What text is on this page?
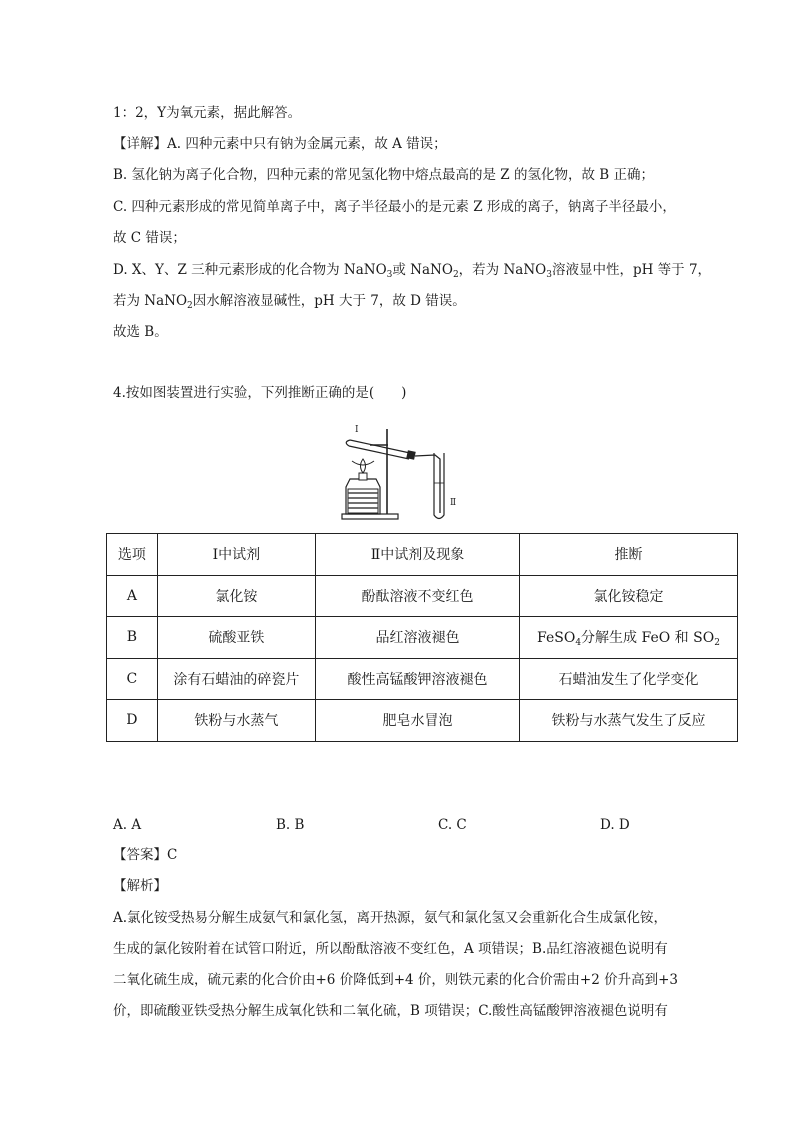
1：2，Y为氧元素，据此解答。
【详解】A. 四种元素中只有钠为金属元素，故 A 错误；
B. 氢化钠为离子化合物，四种元素的常见氢化物中熔点最高的是 Z 的氢化物，故 B 正确；
C. 四种元素形成的常见简单离子中，离子半径最小的是元素 Z 形成的离子，钠离子半径最小，
故 C 错误；
D. X、Y、Z 三种元素形成的化合物为 NaNO$_3$或 NaNO$_2$，若为 NaNO$_3$溶液显中性，pH 等于 7，
若为 NaNO$_2$因水解溶液显碱性，pH 大于 7，故 D 错误。
故选 B。
4.按如图装置进行实验，下列推断正确的是(　　)
Ⅰ
Ⅱ
选项	Ⅰ中试剂	Ⅱ中试剂及现象	推断
A	氯化铵	酚酞溶液不变红色	氯化铵稳定
B	硫酸亚铁	品红溶液褪色	FeSO$_4$分解生成 FeO 和 $SO_2$
C	涂有石蜡油的碎瓷片	酸性高锰酸钾溶液褪色	石蜡油发生了化学变化
D	铁粉与水蒸气	肥皂水冒泡	铁粉与水蒸气发生了反应
A. A	B. B	C. C	D. D
【答案】C
【解析】
A.氯化铵受热易分解生成氨气和氯化氢，离开热源，氨气和氯化氢又会重新化合生成氯化铵，
生成的氯化铵附着在试管口附近，所以酚酞溶液不变红色，A 项错误；B.品红溶液褪色说明有
二氧化硫生成，硫元素的化合价由+6 价降低到+4 价，则铁元素的化合价需由+2 价升高到+3
价，即硫酸亚铁受热分解生成氧化铁和二氧化硫，B 项错误；C.酸性高锰酸钾溶液褪色说明有
